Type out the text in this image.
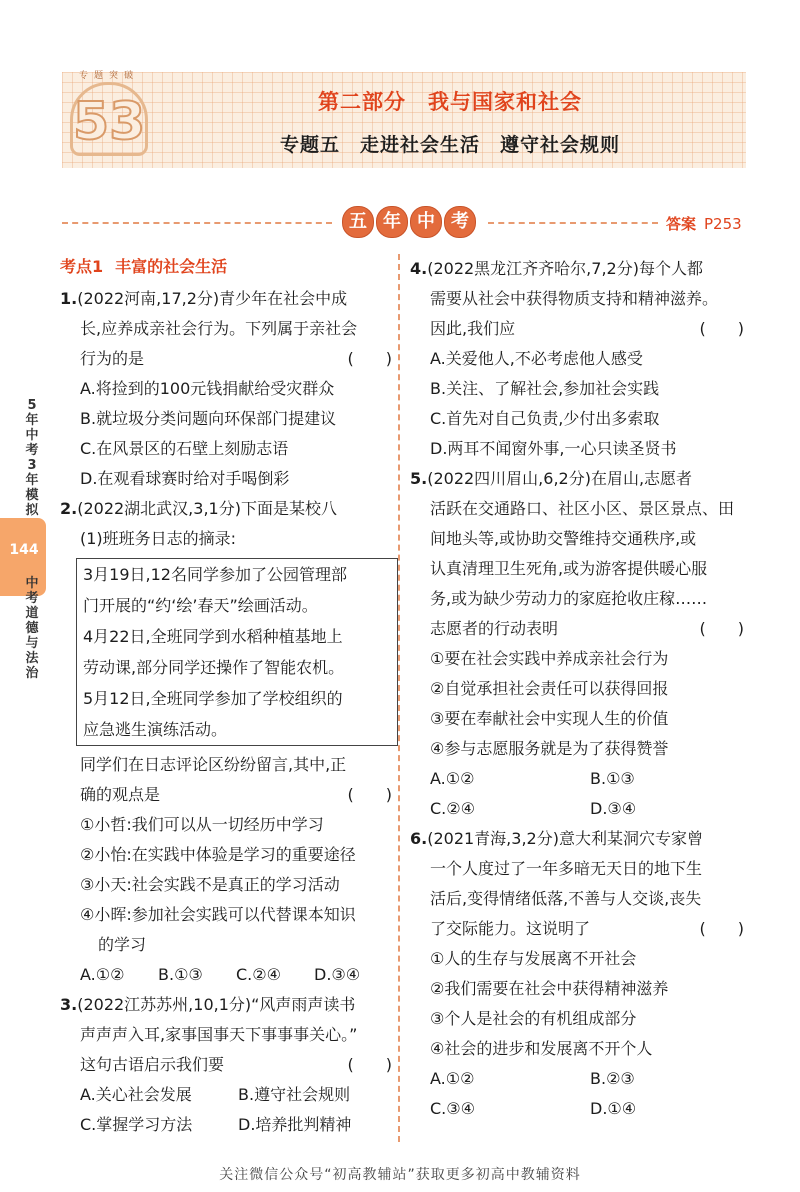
专题突破
53	第二部分　我与国家和社会
专题五　走进社会生活　遵守社会规则
五 年 中 考	答案 P253
5年中考3年模拟
144
中考道德与法治
考点1 丰富的社会生活
1.(2022河南,17,2分)青少年在社会中成
长,应养成亲社会行为。下列属于亲社会
行为的是	(　　)
A.将捡到的100元钱捐献给受灾群众
B.就垃圾分类问题向环保部门提建议
C.在风景区的石壁上刻励志语
D.在观看球赛时给对手喝倒彩
2.(2022湖北武汉,3,1分)下面是某校八
(1)班班务日志的摘录:
3月19日,12名同学参加了公园管理部
门开展的“约‘绘’春天”绘画活动。
4月22日,全班同学到水稻种植基地上
劳动课,部分同学还操作了智能农机。
5月12日,全班同学参加了学校组织的
应急逃生演练活动。
同学们在日志评论区纷纷留言,其中,正
确的观点是	(　　)
①小哲:我们可以从一切经历中学习
②小怡:在实践中体验是学习的重要途径
③小天:社会实践不是真正的学习活动
④小晖:参加社会实践可以代替课本知识
的学习
A.①②	B.①③	C.②④	D.③④
3.(2022江苏苏州,10,1分)“风声雨声读书
声声声入耳,家事国事天下事事事关心。”
这句古语启示我们要	(　　)
A.关心社会发展	B.遵守社会规则
C.掌握学习方法	D.培养批判精神
4.(2022黑龙江齐齐哈尔,7,2分)每个人都
需要从社会中获得物质支持和精神滋养。
因此,我们应	(　　)
A.关爱他人,不必考虑他人感受
B.关注、了解社会,参加社会实践
C.首先对自己负责,少付出多索取
D.两耳不闻窗外事,一心只读圣贤书
5.(2022四川眉山,6,2分)在眉山,志愿者
活跃在交通路口、社区小区、景区景点、田
间地头等,或协助交警维持交通秩序,或
认真清理卫生死角,或为游客提供暖心服
务,或为缺少劳动力的家庭抢收庄稼……
志愿者的行动表明	(　　)
①要在社会实践中养成亲社会行为
②自觉承担社会责任可以获得回报
③要在奉献社会中实现人生的价值
④参与志愿服务就是为了获得赞誉
A.①②	B.①③
C.②④	D.③④
6.(2021青海,3,2分)意大利某洞穴专家曾
一个人度过了一年多暗无天日的地下生
活后,变得情绪低落,不善与人交谈,丧失
了交际能力。这说明了	(　　)
①人的生存与发展离不开社会
②我们需要在社会中获得精神滋养
③个人是社会的有机组成部分
④社会的进步和发展离不开个人
A.①②	B.②③
C.③④	D.①④
关注微信公众号“初高教辅站”获取更多初高中教辅资料
